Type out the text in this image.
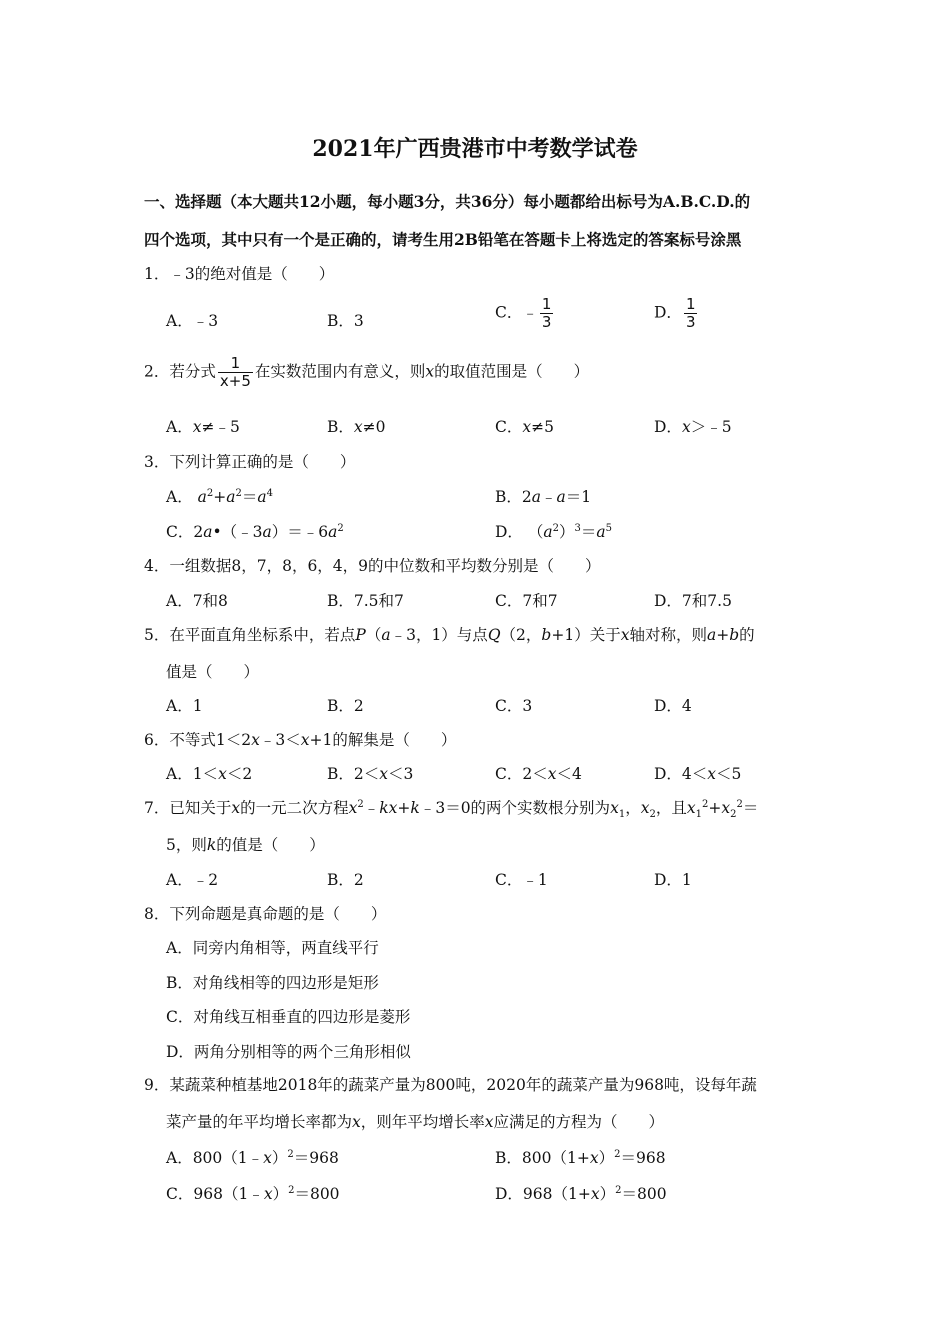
2021年广西贵港市中考数学试卷
一、选择题（本大题共12小题，每小题3分，共36分）每小题都给出标号为A.B.C.D.的
四个选项，其中只有一个是正确的，请考生用2B铅笔在答题卡上将选定的答案标号涂黑
1．﹣3的绝对值是（　　）
A．﹣3	B．3	C．﹣ $\frac{1}{3}$	D． $\frac{1}{3}$
2．若分式 $\frac{1}{x+5}$ 在实数范围内有意义，则x的取值范围是（　　）
A．x≠﹣5	B．x≠0	C．x≠5	D．x＞﹣5
3．下列计算正确的是（　　）
A． $a^2+a^2=a^4$	B．2a﹣a＝1
C．$2a•(﹣3a)=﹣6a^2$	D． $(a^2)^3=a^5$
4．一组数据8，7，8，6，4，9的中位数和平均数分别是（　　）
A．7和8	B．7.5和7	C．7和7	D．7和7.5
5．在平面直角坐标系中，若点P（a﹣3，1）与点Q（2，b+1）关于x轴对称，则a+b的
值是（　　）
A．1	B．2	C．3	D．4
6．不等式1＜2x﹣3＜x+1的解集是（　　）
A．1＜x＜2	B．2＜x＜3	C．2＜x＜4	D．4＜x＜5
7．已知关于x的一元二次方程$x^2﹣kx+k﹣3=0$的两个实数根分别为$x_1$，$x_2$，且$x_1^2+x_2^2=$
5，则k的值是（　　）
A．﹣2	B．2	C．﹣1	D．1
8．下列命题是真命题的是（　　）
A．同旁内角相等，两直线平行
B．对角线相等的四边形是矩形
C．对角线互相垂直的四边形是菱形
D．两角分别相等的两个三角形相似
9．某蔬菜种植基地2018年的蔬菜产量为800吨，2020年的蔬菜产量为968吨，设每年蔬
菜产量的年平均增长率都为x，则年平均增长率x应满足的方程为（　　）
A．800（1﹣x）$^2$＝968	B．$800(1+x)^2=968$
C．968（1﹣x）$^2$＝800	D．$968(1+x)^2=800$
